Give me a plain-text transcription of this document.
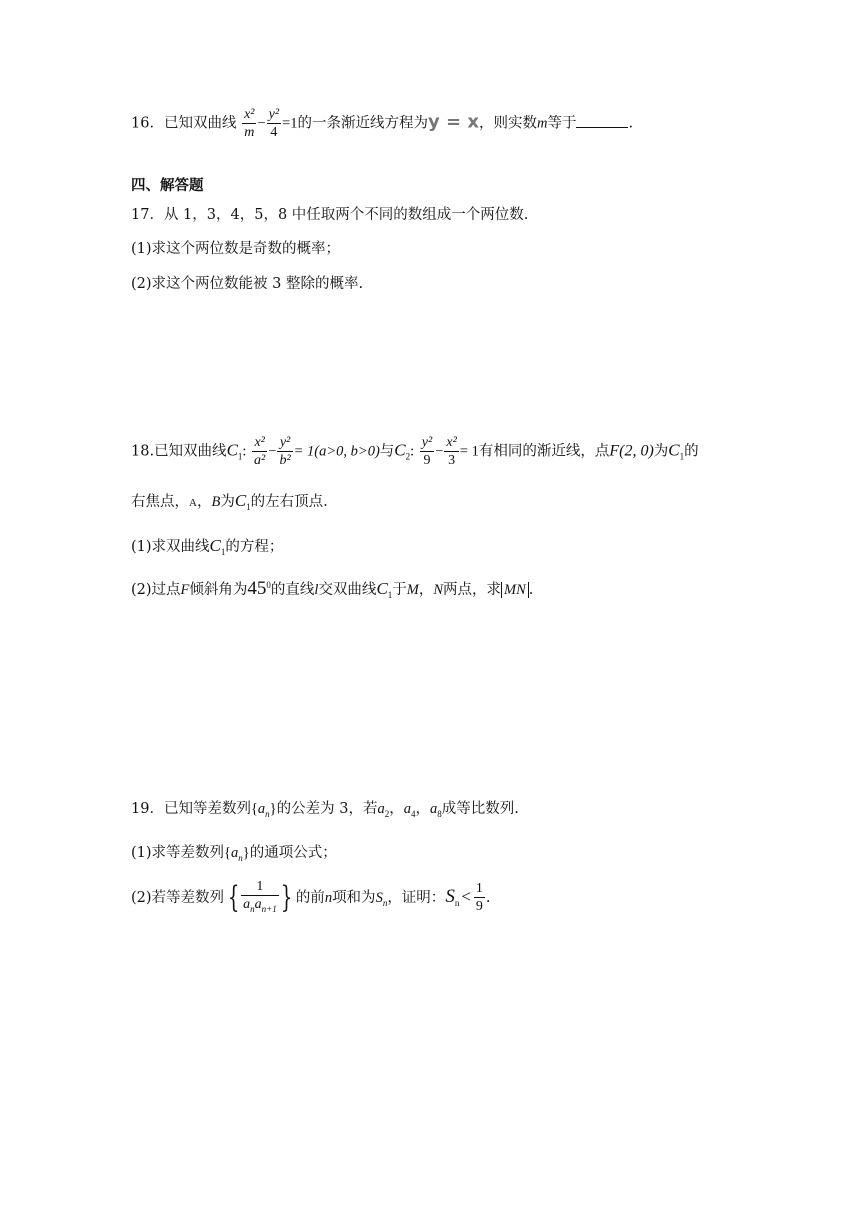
16．已知双曲线 $\frac{\text{x²}}{m} - \frac{\text{y²}}{4} =1$的一条渐近线方程为y = x，则实数m等于	.
四、解答题
17．从 1，3，4，5，8 中任取两个不同的数组成一个两位数.
(1)求这个两位数是奇数的概率；
(2)求这个两位数能被 3 整除的概率.
18.已知双曲线$C_1$: $\frac{\text{x²}}{\text{a²}} - \frac{\text{y²}}{\text{b²}} = 1(a>0$, b>0)与$C_2$: $\frac{\text{y²}}{9} - \frac{\text{x²}}{3} = 1$有相同的渐近线，点F(2, 0)为$C_1$的
右焦点，A，B为$C_1$的左右顶点.
(1)求双曲线$C_1$的方程；
(2)过点F倾斜角为$45^0$的直线l交双曲线$C_1$于M，N两点，求 MN .
19．已知等差数列$\{a_n\}$的公差为 3，若$a_2$，$a_4$，$a_8$成等比数列.
(1)求等差数列$\{a_n\}$的通项公式；
(2)若等差数列 { $\frac{1}{a_na_{n+1}}$ } 的前n项和为$S_n$，证明：$S_n < \frac{1}{9}$ .
